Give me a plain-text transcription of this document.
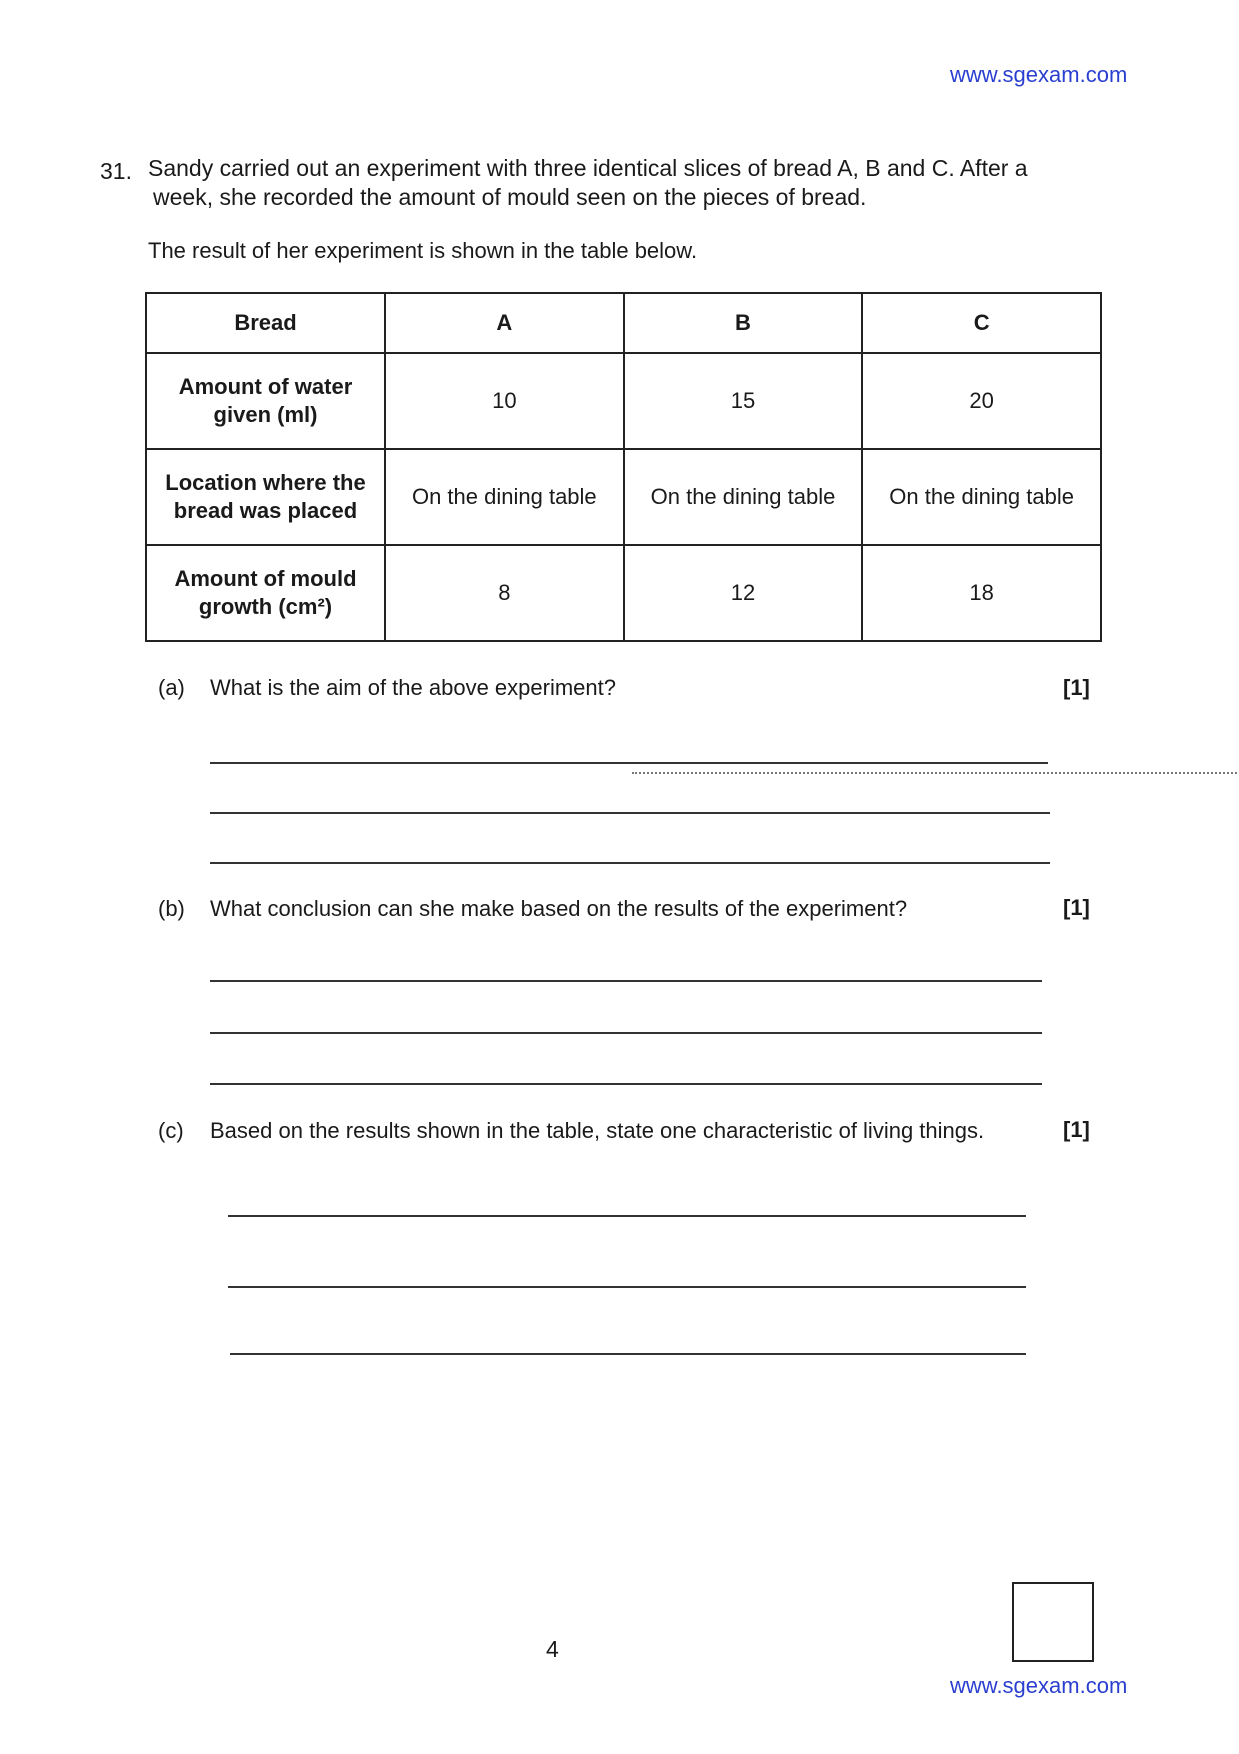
www.sgexam.com
31. Sandy carried out an experiment with three identical slices of bread A, B and C. After a
week, she recorded the amount of mould seen on the pieces of bread.
The result of her experiment is shown in the table below.
Bread	A	B	C
Amount of water given (ml)	10	15	20
Location where the bread was placed	On the dining table	On the dining table	On the dining table
Amount of mould growth (cm²)	8	12	18
(a) What is the aim of the above experiment?	[1]
(b) What conclusion can she make based on the results of the experiment?	[1]
(c) Based on the results shown in the table, state one characteristic of living things.	[1]
4
www.sgexam.com
